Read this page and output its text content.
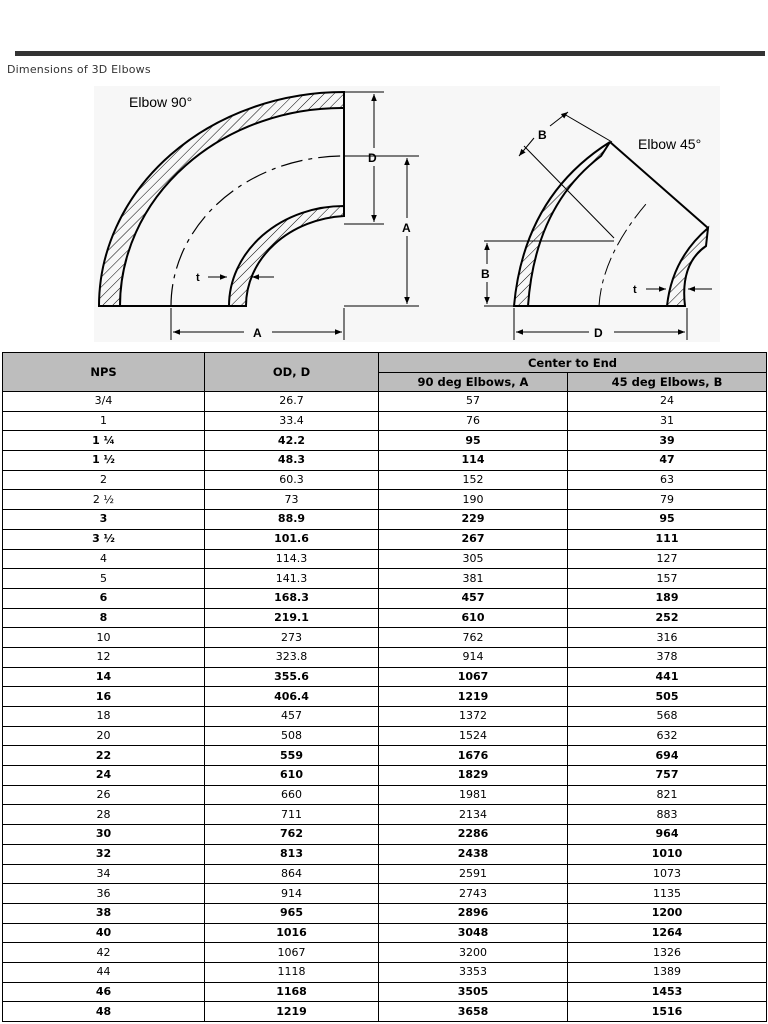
Dimensions of 3D Elbows
Elbow 90°
D
A
A
t
Elbow 45°
B
B
D
t
NPS	OD, D	Center to End	
		90 deg Elbows, A	45 deg Elbows, B
3/4	26.7	57	24
1	33.4	76	31
1 ¼	42.2	95	39
1 ½	48.3	114	47
2	60.3	152	63
2 ½	73	190	79
3	88.9	229	95
3 ½	101.6	267	111
4	114.3	305	127
5	141.3	381	157
6	168.3	457	189
8	219.1	610	252
10	273	762	316
12	323.8	914	378
14	355.6	1067	441
16	406.4	1219	505
18	457	1372	568
20	508	1524	632
22	559	1676	694
24	610	1829	757
26	660	1981	821
28	711	2134	883
30	762	2286	964
32	813	2438	1010
34	864	2591	1073
36	914	2743	1135
38	965	2896	1200
40	1016	3048	1264
42	1067	3200	1326
44	1118	3353	1389
46	1168	3505	1453
48	1219	3658	1516
